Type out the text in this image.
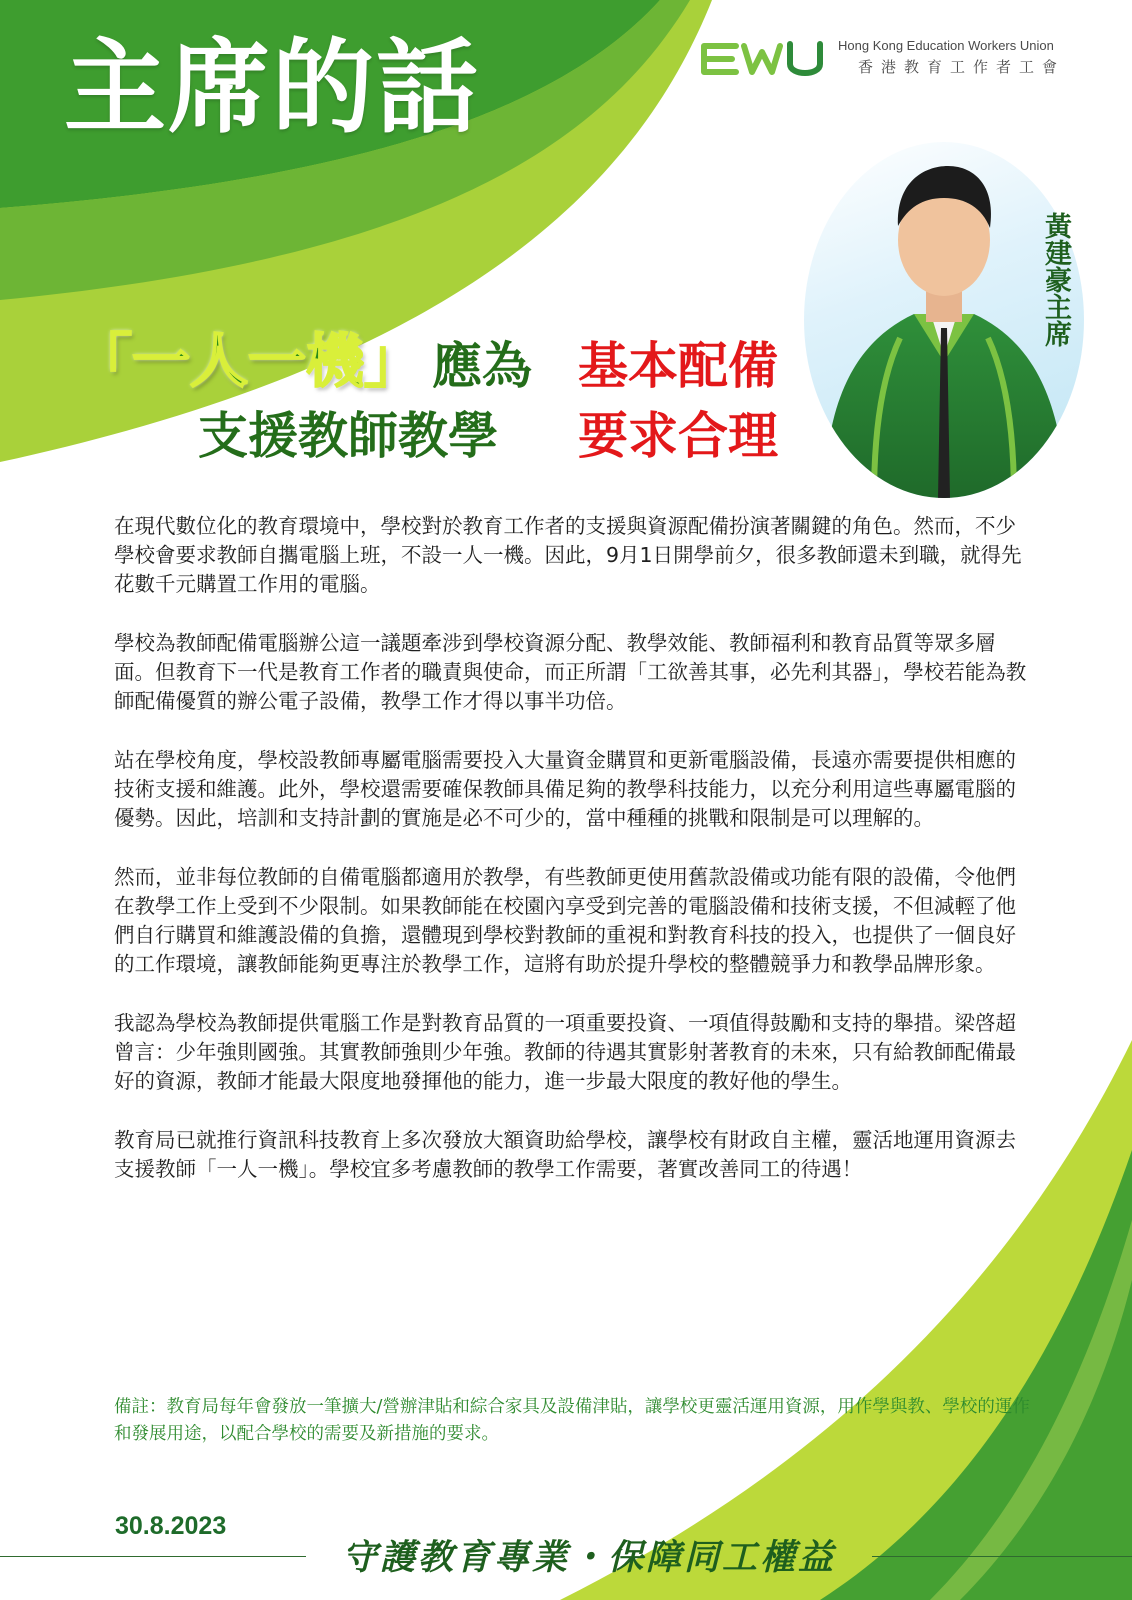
主席的話	Hong Kong Education Workers Union
香港教育工作者工會
黃建豪主席
「一人一機」 應為 基本配備
支援教師教學 要求合理

在現代數位化的教育環境中，學校對於教育工作者的支援與資源配備扮演著關鍵的角色。然而，不少學校會要求教師自攜電腦上班，不設一人一機。因此，9月1日開學前夕，很多教師還未到職，就得先花數千元購置工作用的電腦。

學校為教師配備電腦辦公這一議題牽涉到學校資源分配、教學效能、教師福利和教育品質等眾多層面。但教育下一代是教育工作者的職責與使命，而正所謂「工欲善其事，必先利其器」，學校若能為教師配備優質的辦公電子設備，教學工作才得以事半功倍。

站在學校角度，學校設教師專屬電腦需要投入大量資金購買和更新電腦設備，長遠亦需要提供相應的技術支援和維護。此外，學校還需要確保教師具備足夠的教學科技能力，以充分利用這些專屬電腦的優勢。因此，培訓和支持計劃的實施是必不可少的，當中種種的挑戰和限制是可以理解的。

然而，並非每位教師的自備電腦都適用於教學，有些教師更使用舊款設備或功能有限的設備，令他們在教學工作上受到不少限制。如果教師能在校園內享受到完善的電腦設備和技術支援，不但減輕了他們自行購買和維護設備的負擔，還體現到學校對教師的重視和對教育科技的投入，也提供了一個良好的工作環境，讓教師能夠更專注於教學工作，這將有助於提升學校的整體競爭力和教學品牌形象。

我認為學校為教師提供電腦工作是對教育品質的一項重要投資、一項值得鼓勵和支持的舉措。梁啓超曾言：少年強則國強。其實教師強則少年強。教師的待遇其實影射著教育的未來，只有給教師配備最好的資源，教師才能最大限度地發揮他的能力，進一步最大限度的教好他的學生。

教育局已就推行資訊科技教育上多次發放大額資助給學校，讓學校有財政自主權，靈活地運用資源去支援教師「一人一機」。學校宜多考慮教師的教學工作需要，著實改善同工的待遇！

備註：教育局每年會發放一筆擴大/營辦津貼和綜合家具及設備津貼，讓學校更靈活運用資源，用作學與教、學校的運作和發展用途，以配合學校的需要及新措施的要求。
30.8.2023
守護教育專業・保障同工權益
